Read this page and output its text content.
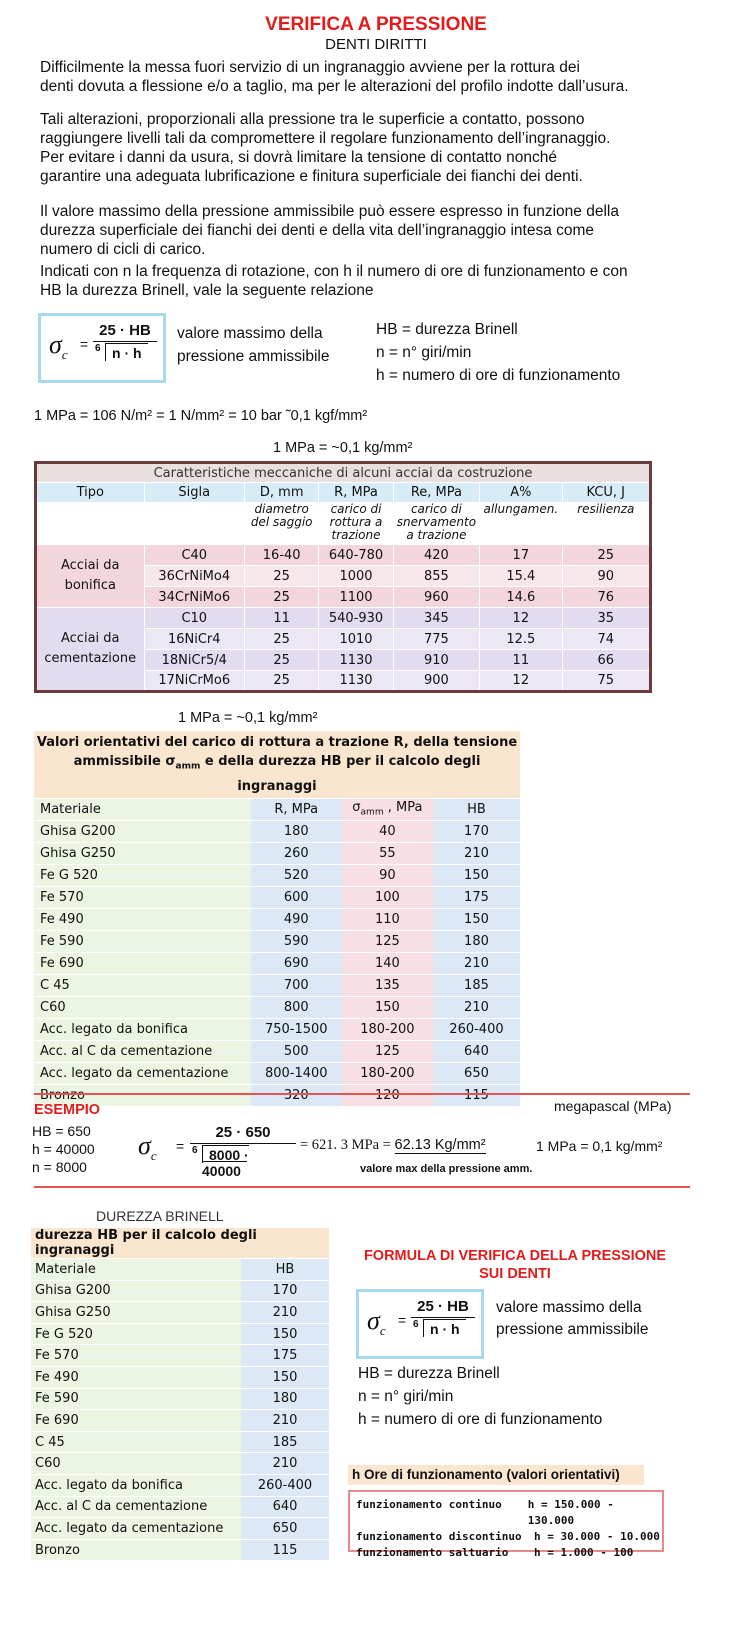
VERIFICA A PRESSIONE
DENTI DIRITTI

Difficilmente la messa fuori servizio di un ingranaggio avviene per la rottura dei

denti dovuta a flessione e/o a taglio, ma per le alterazioni del profilo indotte dall’usura.

Tali alterazioni, proporzionali alla pressione tra le superficie a contatto, possono

raggiungere livelli tali da compromettere il regolare funzionamento dell’ingranaggio.

Per evitare i danni da usura, si dovrà limitare la tensione di contatto nonché

garantire una adeguata lubrificazione e finitura superficiale dei fianchi dei denti.

Il valore massimo della pressione ammissibile può essere espresso in funzione della

durezza superficiale dei fianchi dei denti e della vita dell’ingranaggio intesa come

numero di cicli di carico.

Indicati con n la frequenza di rotazione, con h il numero di ore di funzionamento e con

HB la durezza Brinell, vale la seguente relazione

$\sigma_c$
=
25 · HB
6 n · h
valore massimo della
pressione ammissibile
HB = durezza Brinell
n = n° giri/min
h = numero di ore di funzionamento
1 MPa = 106 N/m² = 1 N/mm² = 10 bar ˜0,1 kgf/mm²
1 MPa = ~0,1 kg/mm²
Caratteristiche meccaniche di alcuni acciai da costruzione						
Tipo	Sigla	D, mm	R, MPa	Re, MPa	A%	KCU, J
		diametro del saggio	carico di rottura a trazione	carico di snervamento a trazione	allungamen.	resilienza
Acciai da bonifica	C40	16-40	640-780	420	17	25
	36CrNiMo4	25	1000	855	15.4	90
	34CrNiMo6	25	1100	960	14.6	76
Acciai da cementazione	C10	11	540-930	345	12	35
	16NiCr4	25	1010	775	12.5	74
	18NiCr5/4	25	1130	910	11	66
	17NiCrMo6	25	1130	900	12	75
1 MPa = ~0,1 kg/mm²
Valori orientativi del carico di rottura a trazione R, della tensione
ammissibile $\sigma_{amm}$ e della durezza HB per il calcolo degli ingranaggi			

Materiale	R, MPa	$\sigma_{amm}$ , MPa	HB
Ghisa G200	180	40	170
Ghisa G250	260	55	210
Fe G 520	520	90	150
Fe 570	600	100	175
Fe 490	490	110	150
Fe 590	590	125	180
Fe 690	690	140	210
C 45	700	135	185
C60	800	150	210
Acc. legato da bonifica	750-1500	180-200	260-400
Acc. al C da cementazione	500	125	640
Acc. legato da cementazione	800-1400	180-200	650
Bronzo	320	120	115
ESEMPIO	megapascal (MPa)
HB = 650
h = 40000
n = 8000
$\sigma_c$
=
25 · 650
6 8000 · 40000
= 621. 3 MPa = 62.13 Kg/mm²	1 MPa = 0,1 kg/mm²
valore max della pressione amm.
DUREZZA BRINELL
durezza HB per il calcolo degli ingranaggi	
Materiale	HB
Ghisa G200	170
Ghisa G250	210
Fe G 520	150
Fe 570	175
Fe 490	150
Fe 590	180
Fe 690	210
C 45	185
C60	210
Acc. legato da bonifica	260-400
Acc. al C da cementazione	640
Acc. legato da cementazione	650
Bronzo	115
FORMULA DI VERIFICA DELLA PRESSIONE
SUI DENTI
$\sigma_c$
=
25 · HB
6 n · h
valore massimo della
pressione ammissibile
HB = durezza Brinell
n = n° giri/min
h = numero di ore di funzionamento
h Ore di funzionamento (valori orientativi)
funzionamento continuo	h = 150.000 - 130.000
funzionamento discontinuo	h = 30.000 - 10.000
funzionamento saltuario	h = 1.000 - 100
